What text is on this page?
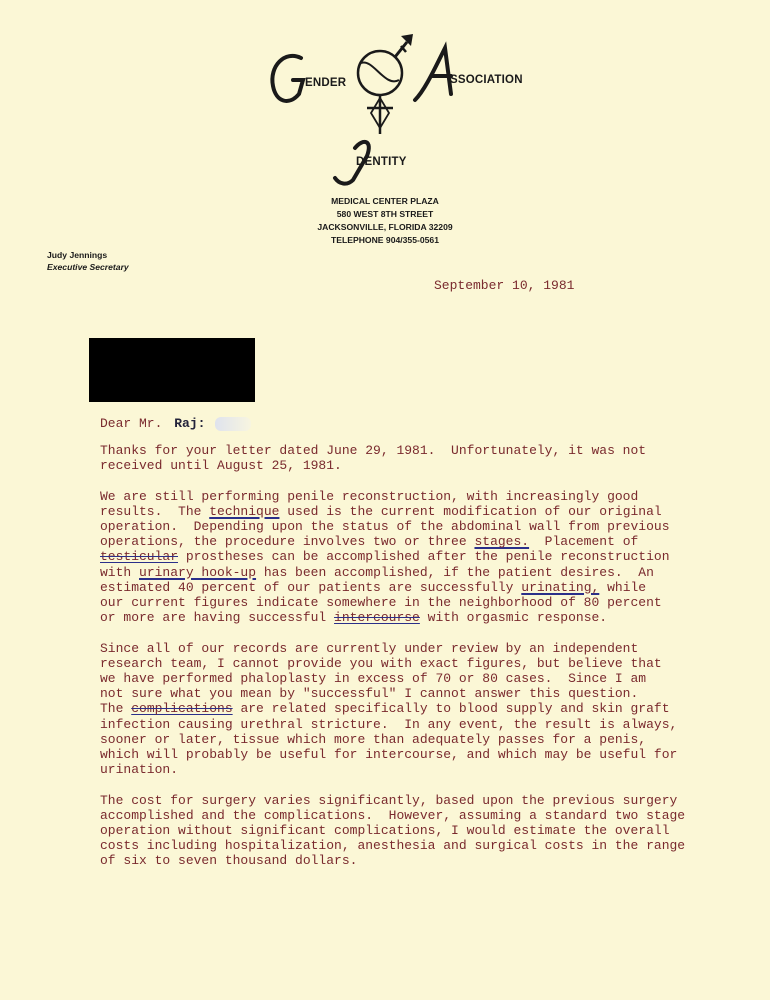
ENDER	SSOCIATION
DENTITY
MEDICAL CENTER PLAZA
580 WEST 8TH STREET
JACKSONVILLE, FLORIDA 32209
TELEPHONE 904/355-0561
Judy Jennings
Executive Secretary
September 10, 1981
Dear Mr. Raj:

Thanks for your letter dated June 29, 1981.  Unfortunately, it was not
received until August 25, 1981.

We are still performing penile reconstruction, with increasingly good
results.  The technique used is the current modification of our original
operation.  Depending upon the status of the abdominal wall from previous
operations, the procedure involves two or three stages.  Placement of
testicular prostheses can be accomplished after the penile reconstruction
with urinary hook-up has been accomplished, if the patient desires.  An
estimated 40 percent of our patients are successfully urinating, while
our current figures indicate somewhere in the neighborhood of 80 percent
or more are having successful intercourse with orgasmic response.

Since all of our records are currently under review by an independent
research team, I cannot provide you with exact figures, but believe that
we have performed phaloplasty in excess of 70 or 80 cases.  Since I am
not sure what you mean by "successful" I cannot answer this question.
The complications are related specifically to blood supply and skin graft
infection causing urethral stricture.  In any event, the result is always,
sooner or later, tissue which more than adequately passes for a penis,
which will probably be useful for intercourse, and which may be useful for
urination.

The cost for surgery varies significantly, based upon the previous surgery
accomplished and the complications.  However, assuming a standard two stage
operation without significant complications, I would estimate the overall
costs including hospitalization, anesthesia and surgical costs in the range
of six to seven thousand dollars.
